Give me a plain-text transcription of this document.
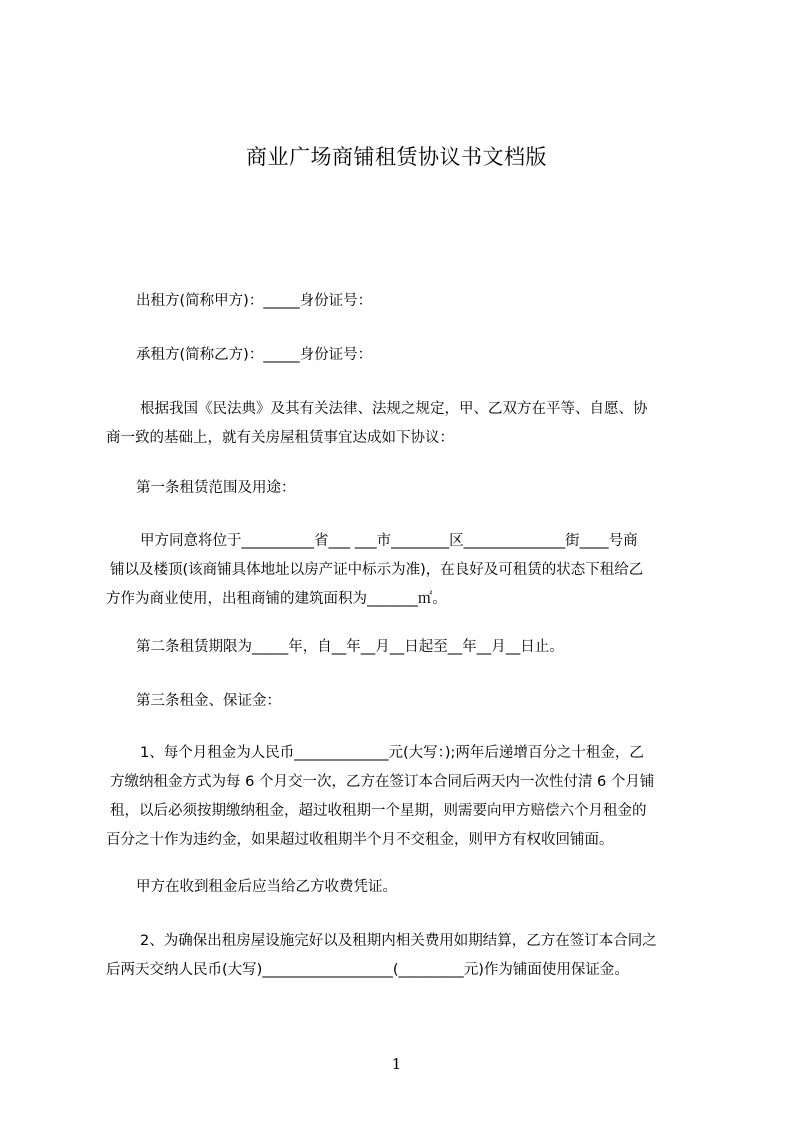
商业广场商铺租赁协议书文档版
出租方(简称甲方)：_____身份证号：
承租方(简称乙方)：_____身份证号：
根据我国《民法典》及其有关法律、法规之规定，甲、乙双方在平等、自愿、协
商一致的基础上，就有关房屋租赁事宜达成如下协议：
第一条租赁范围及用途：
甲方同意将位于__________省___ ___市________区______________街____号商
铺以及楼顶(该商铺具体地址以房产证中标示为准)，在良好及可租赁的状态下租给乙
方作为商业使用，出租商铺的建筑面积为_______㎡。
第二条租赁期限为_____年，自__年__月__日起至__年__月__日止。
第三条租金、保证金：
1、每个月租金为人民币_____________元(大写：);两年后递增百分之十租金，乙
方缴纳租金方式为每 6 个月交一次，乙方在签订本合同后两天内一次性付清 6 个月铺
租，以后必须按期缴纳租金，超过收租期一个星期，则需要向甲方赔偿六个月租金的
百分之十作为违约金，如果超过收租期半个月不交租金，则甲方有权收回铺面。
甲方在收到租金后应当给乙方收费凭证。
2、为确保出租房屋设施完好以及租期内相关费用如期结算，乙方在签订本合同之
后两天交纳人民币(大写)__________________(_________元)作为铺面使用保证金。
1
